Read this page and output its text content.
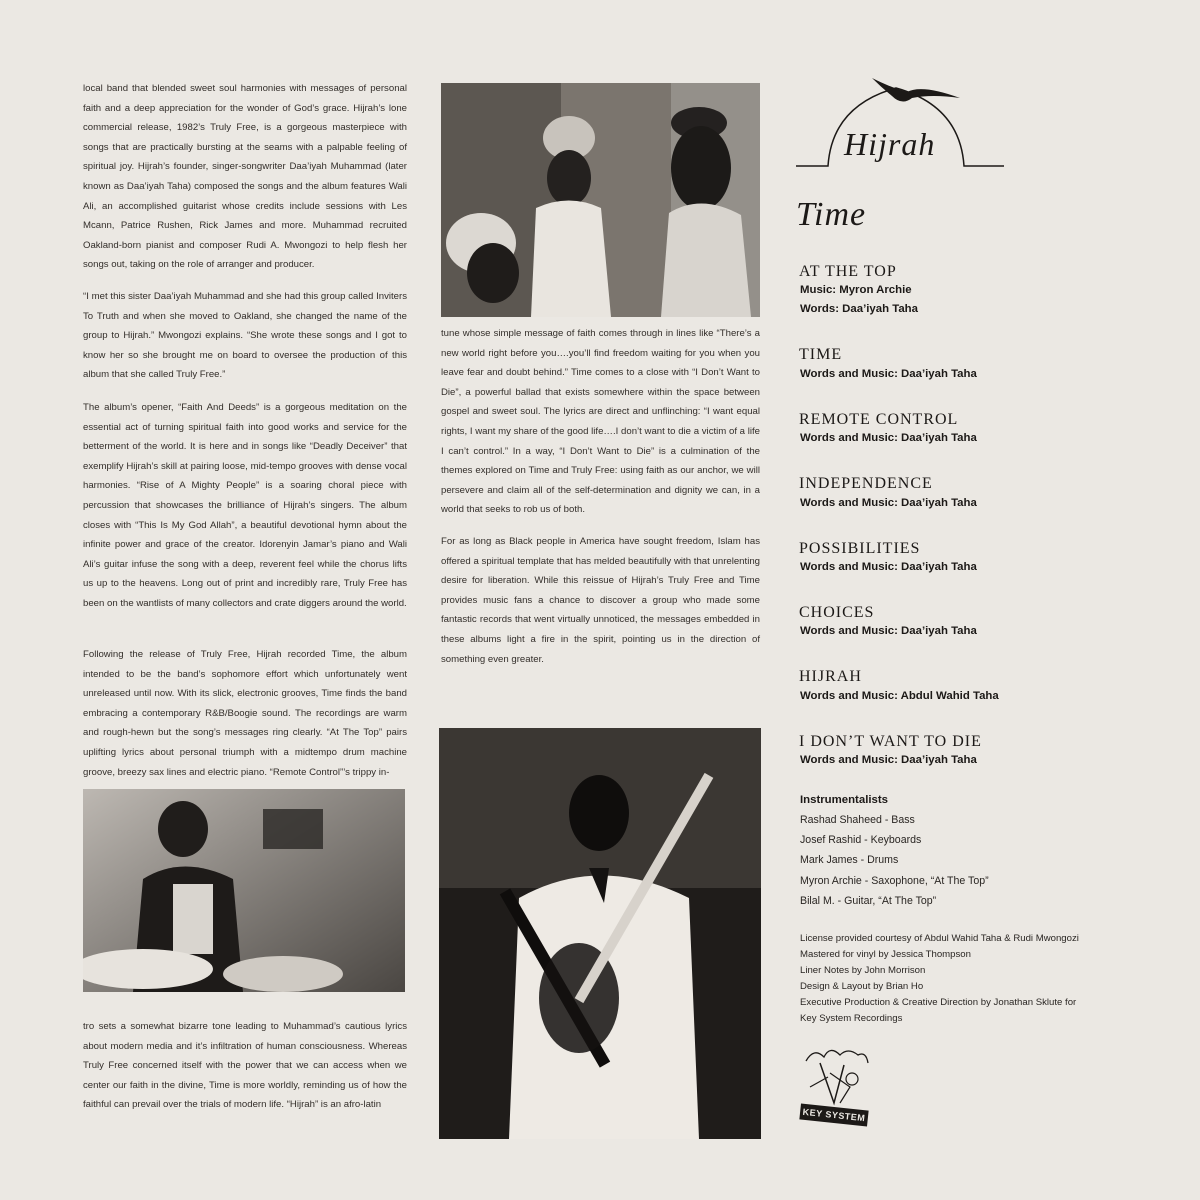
local band that blended sweet soul harmonies with messages of personal faith and a deep appreciation for the wonder of God’s grace. Hijrah’s lone commercial release, 1982’s Truly Free, is a gorgeous masterpiece with songs that are practically bursting at the seams with a palpable feeling of spiritual joy. Hijrah’s founder, singer-songwriter Daa’iyah Muhammad (later known as Daa’iyah Taha) composed the songs and the album features Wali Ali, an accomplished guitarist whose credits include sessions with Les Mcann, Patrice Rushen, Rick James and more. Muhammad recruited Oakland-born pianist and composer Rudi A. Mwongozi to help flesh her songs out, taking on the role of arranger and producer.

“I met this sister Daa’iyah Muhammad and she had this group called Inviters To Truth and when she moved to Oakland, she changed the name of the group to Hijrah.” Mwongozi explains. “She wrote these songs and I got to know her so she brought me on board to oversee the production of this album that she called Truly Free.”

The album’s opener, “Faith And Deeds” is a gorgeous meditation on the essential act of turning spiritual faith into good works and service for the betterment of the world. It is here and in songs like “Deadly Deceiver” that exemplify Hijrah’s skill at pairing loose, mid-tempo grooves with dense vocal harmonies. “Rise of A Mighty People” is a soaring choral piece with percussion that showcases the brilliance of Hijrah’s singers. The album closes with “This Is My God Allah”, a beautiful devotional hymn about the infinite power and grace of the creator. Idorenyin Jamar’s piano and Wali Ali’s guitar infuse the song with a deep, reverent feel while the chorus lifts us up to the heavens. Long out of print and incredibly rare, Truly Free has been on the wantlists of many collectors and crate diggers around the world.

Following the release of Truly Free, Hijrah recorded Time, the album intended to be the band’s sophomore effort which unfortunately went unreleased until now. With its slick, electronic grooves, Time finds the band embracing a contemporary R&B/Boogie sound. The recordings are warm and rough-hewn but the song’s messages ring clearly. “At The Top” pairs uplifting lyrics about personal triumph with a midtempo drum machine groove, breezy sax lines and electric piano. “Remote Control”’s trippy in-

tro sets a somewhat bizarre tone leading to Muhammad’s cautious lyrics about modern media and it’s infiltration of human consciousness. Whereas Truly Free concerned itself with the power that we can access when we center our faith in the divine, Time is more worldly, reminding us of how the faithful can prevail over the trials of modern life. “Hijrah” is an afro-latin

tune whose simple message of faith comes through in lines like “There’s a new world right before you….you’ll find freedom waiting for you when you leave fear and doubt behind.” Time comes to a close with “I Don’t Want to Die”, a powerful ballad that exists somewhere within the space between gospel and sweet soul. The lyrics are direct and unflinching: “I want equal rights, I want my share of the good life….I don’t want to die a victim of a life I can’t control.” In a way, “I Don’t Want to Die” is a culmination of the themes explored on Time and Truly Free: using faith as our anchor, we will persevere and claim all of the self-determination and dignity we can, in a world that seeks to rob us of both.

For as long as Black people in America have sought freedom, Islam has offered a spiritual template that has melded beautifully with that unrelenting desire for liberation. While this reissue of Hijrah’s Truly Free and Time provides music fans a chance to discover a group who made some fantastic records that went virtually unnoticed, the messages embedded in these albums light a fire in the spirit, pointing us in the direction of something even greater.

Hijrah
Time
AT THE TOP
Music: Myron Archie
Words: Daa’iyah Taha
TIME
Words and Music: Daa’iyah Taha
REMOTE CONTROL
Words and Music: Daa’iyah Taha
INDEPENDENCE
Words and Music: Daa’iyah Taha
POSSIBILITIES
Words and Music: Daa’iyah Taha
CHOICES
Words and Music: Daa’iyah Taha
HIJRAH
Words and Music: Abdul Wahid Taha
I DON’T WANT TO DIE
Words and Music: Daa’iyah Taha

Instrumentalists

Rashad Shaheed - Bass

Josef Rashid - Keyboards

Mark James - Drums

Myron Archie - Saxophone, “At The Top”

Bilal M. - Guitar, “At The Top”

License provided courtesy of Abdul Wahid Taha & Rudi Mwongozi

Mastered for vinyl by Jessica Thompson

Liner Notes by John Morrison

Design & Layout by Brian Ho

Executive Production & Creative Direction by Jonathan Sklute for

Key System Recordings

KEY SYSTEM
